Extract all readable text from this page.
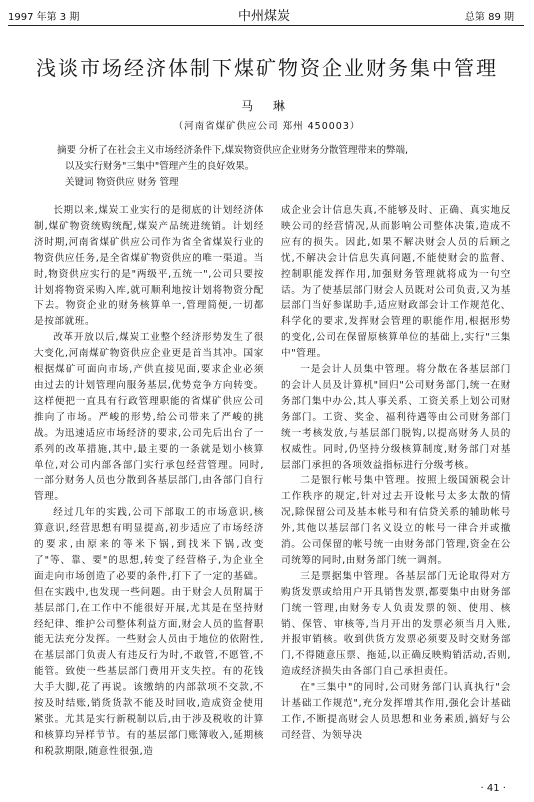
1997 年第 3 期	中州煤炭	总第 89 期
浅谈市场经济体制下煤矿物资企业财务集中管理
马 琳
（河南省煤矿供应公司 郑州 450003）

摘要 分析了在社会主义市场经济条件下,煤炭物资供应企业财务分散管理带来的弊端,

以及实行财务"三集中"管理产生的良好效果。

关键词 物资供应 财务 管理

长期以来,煤炭工业实行的是彻底的计划经济体制,煤矿物资统购统配,煤炭产品统进统销。计划经济时期,河南省煤矿供应公司作为省全省煤炭行业的物资供应任务,是全省煤矿物资供应的唯一渠道。当时,物资供应实行的是"两级平,五统一",公司只要按计划将物资采购入库,就可顺利地按计划将物资分配下去。物资企业的财务核算单一,管理简便,一切都是按部就班。

改革开放以后,煤炭工业整个经济形势发生了很大变化,河南煤矿物资供应企业更是首当其冲。国家根据煤矿可面向市场,产供直接见面,要求企业必须由过去的计划管理向服务基层,优势竞争方向转变。这样便把一直具有行政管理职能的省煤矿供应公司推向了市场。严峻的形势,给公司带来了严峻的挑战。为迅速适应市场经济的要求,公司先后出台了一系列的改革措施,其中,最主要的一条就是划小核算单位,对公司内部各部门实行承包经营管理。同时,一部分财务人员也分散到各基层部门,由各部门自行管理。

经过几年的实践,公司下部取工的市场意识,核算意识,经营思想有明显提高,初步适应了市场经济的要求,由原来的等米下锅,到找米下锅,改变了"等、靠、要"的思想,转变了经营格子,为企业全面走向市场创造了必要的条件,打下了一定的基础。但在实践中,也发现一些问题。由于财会人员附属于基层部门,在工作中不能很好开展,尤其是在坚持财经纪律、维护公司整体利益方面,财会人员的监督职能无法充分发挥。一些财会人员由于地位的依附性,在基层部门负责人有违反行为时,不敢管,不愿管,不能管。致使一些基层部门费用开支失控。有的花钱大手大脚,花了再说。该缴纳的内部款项不交款,不按及时结账,销货货款不能及时回收,造成资金使用紧张。尤其是实行新税制以后,由于涉及税收的计算和核算均异样节节。有的基层部门账簿收入,延期核和税款期限,随意性很强,造

成企业会计信息失真,不能够及时、正确、真实地反映公司的经营情况,从而影响公司整体决策,造成不应有的损失。因此,如果不解决财会人员的后顾之忧,不解决会计信息失真问题,不能使财会的监督、控制职能发挥作用,加强财务管理就将成为一句空话。为了使基层部门财会人员既对公司负责,又为基层部门当好参谋助手,适应财政部会计工作规范化、科学化的要求,发挥财会管理的职能作用,根据形势的变化,公司在保留原核算单位的基础上,实行"三集中"管理。

一是会计人员集中管理。将分散在各基层部门的会计人员及计算机"回归"公司财务部门,统一在财务部门集中办公,其人事关系、工资关系上划公司财务部门。工资、奖金、福利待遇等由公司财务部门统一考核发放,与基层部门脱钩,以提高财务人员的权威性。同时,仍坚持分级核算制度,财务部门对基层部门承担的各项效益指标进行分级考核。

二是银行帐号集中管理。按照上级国颁税会计工作秩序的规定,针对过去开设帐号太多太散的情况,除保留公司及基本帐号和有信贷关系的辅助帐号外,其他以基层部门名义设立的帐号一律合并或撤消。公司保留的帐号统一由财务部门管理,资金在公司统筹的同时,由财务部门统一调剂。

三是票据集中管理。各基层部门无论取得对方购货发票或给用户开具销售发票,都要集中由财务部门统一管理,由财务专人负责发票的领、使用、核销、保管、审核等,当月开出的发票必须当月入账,并报审销核。收到供货方发票必须要及时交财务部门,不得随意压票、拖延,以正确反映购销活动,否则,造成经济损失由各部门自己承担责任。

在"三集中"的同时,公司财务部门认真执行"会计基础工作规范",充分发挥增其作用,强化会计基础工作,不断提高财会人员思想和业务素质,搞好与公司经营、为领导决

· 41 ·
